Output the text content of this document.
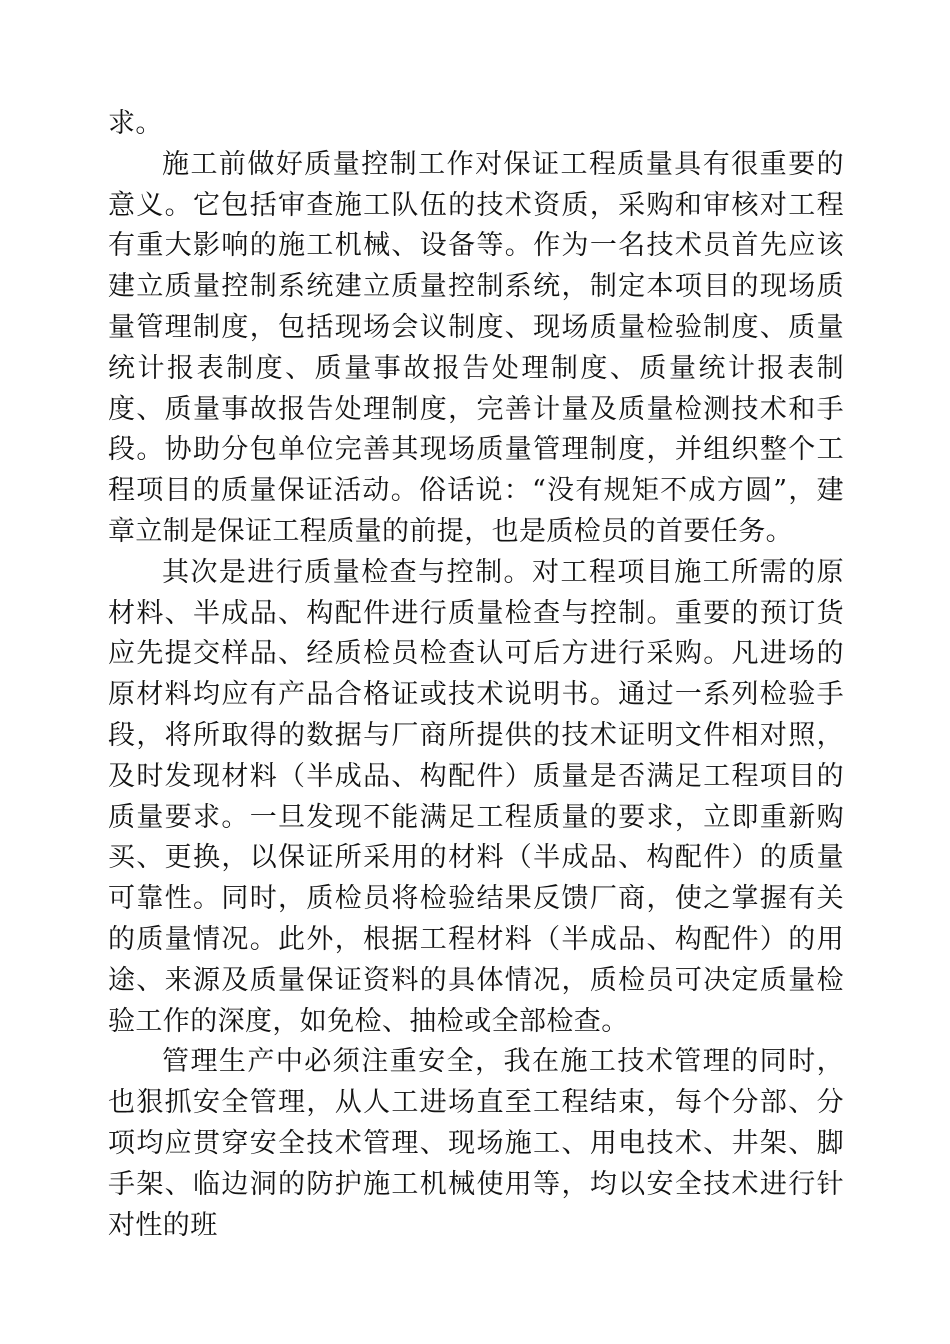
求。

施工前做好质量控制工作对保证工程质量具有很重要的意义。它包括审查施工队伍的技术资质，采购和审核对工程有重大影响的施工机械、设备等。作为一名技术员首先应该建立质量控制系统建立质量控制系统，制定本项目的现场质量管理制度，包括现场会议制度、现场质量检验制度、质量统计报表制度、质量事故报告处理制度、质量统计报表制度、质量事故报告处理制度，完善计量及质量检测技术和手段。协助分包单位完善其现场质量管理制度，并组织整个工程项目的质量保证活动。俗话说：“没有规矩不成方圆”，建章立制是保证工程质量的前提，也是质检员的首要任务。

其次是进行质量检查与控制。对工程项目施工所需的原材料、半成品、构配件进行质量检查与控制。重要的预订货应先提交样品、经质检员检查认可后方进行采购。凡进场的原材料均应有产品合格证或技术说明书。通过一系列检验手段，将所取得的数据与厂商所提供的技术证明文件相对照，及时发现材料（半成品、构配件）质量是否满足工程项目的质量要求。一旦发现不能满足工程质量的要求，立即重新购买、更换，以保证所采用的材料（半成品、构配件）的质量可靠性。同时，质检员将检验结果反馈厂商，使之掌握有关的质量情况。此外，根据工程材料（半成品、构配件）的用途、来源及质量保证资料的具体情况，质检员可决定质量检验工作的深度，如免检、抽检或全部检查。

管理生产中必须注重安全，我在施工技术管理的同时，也狠抓安全管理，从人工进场直至工程结束，每个分部、分项均应贯穿安全技术管理、现场施工、用电技术、井架、脚手架、临边洞的防护施工机械使用等，均以安全技术进行针对性的班
